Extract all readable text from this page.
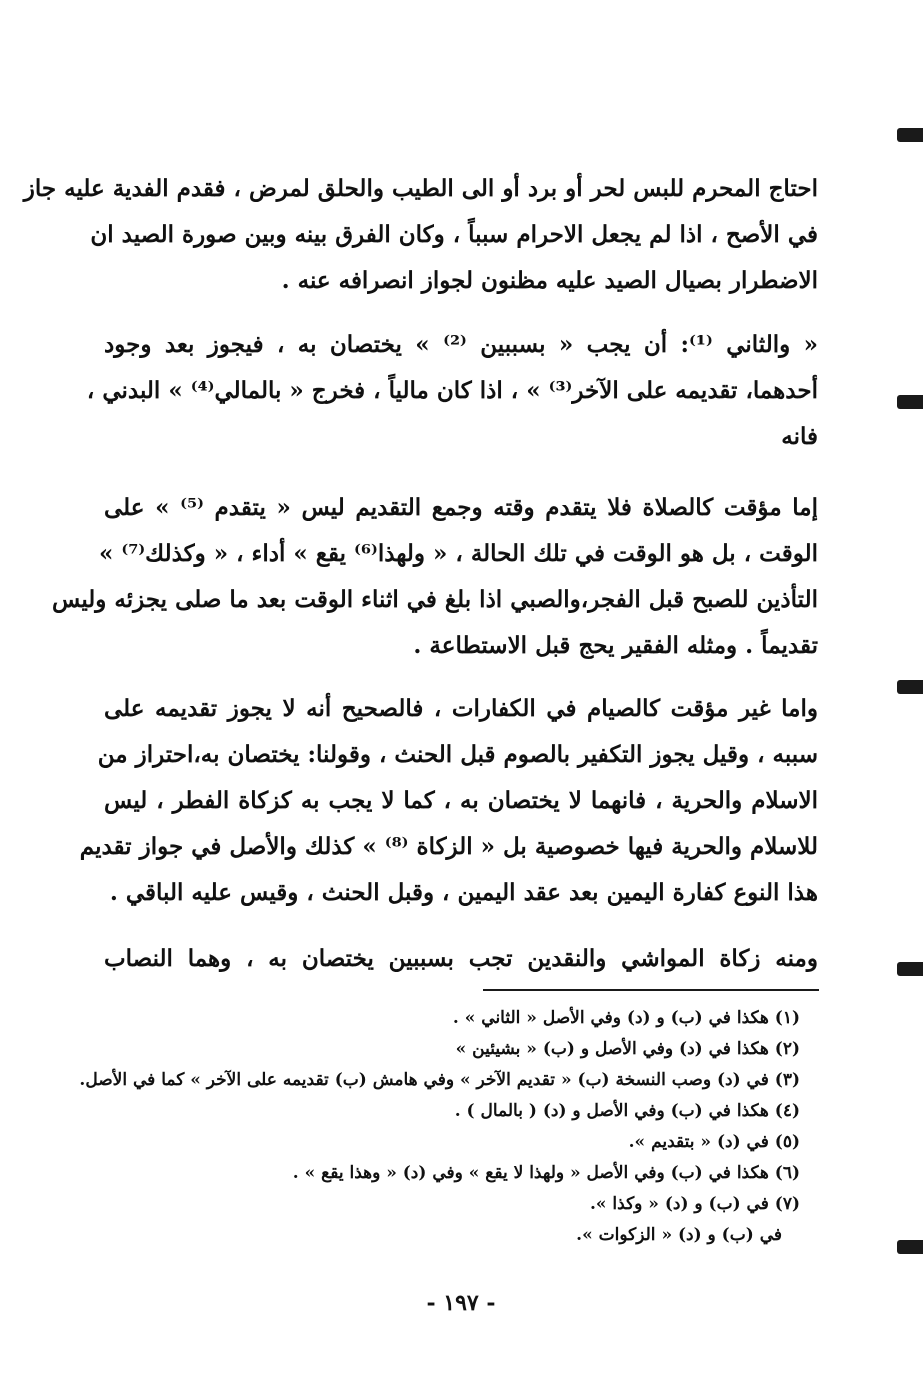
احتاج المحرم للبس لحر أو برد أو الى الطيب والحلق لمرض ، فقدم الفدية عليه جاز
في الأصح ، اذا لم يجعل الاحرام سبباً ، وكان الفرق بينه وبين صورة الصيد ان
الاضطرار بصيال الصيد عليه مظنون لجواز انصرافه عنه .
« والثاني ⁽¹⁾: أن يجب « بسببين ⁽²⁾ » يختصان به ، فيجوز بعد وجود
أحدهما، تقديمه على الآخر⁽³⁾ » ، اذا كان مالياً ، فخرج « بالمالي⁽⁴⁾ » البدني ،
فانه
إما مؤقت كالصلاة فلا يتقدم وقته وجمع التقديم ليس « يتقدم ⁽⁵⁾ » على
الوقت ، بل هو الوقت في تلك الحالة ، « ولهذا⁽⁶⁾ يقع » أداء ، « وكذلك⁽⁷⁾ »
التأذين للصبح قبل الفجر،والصبي اذا بلغ في اثناء الوقت بعد ما صلى يجزئه وليس
تقديماً . ومثله الفقير يحج قبل الاستطاعة .
واما غير مؤقت كالصيام في الكفارات ، فالصحيح أنه لا يجوز تقديمه على
سببه ، وقيل يجوز التكفير بالصوم قبل الحنث ، وقولنا: يختصان به،احتراز من
الاسلام والحرية ، فانهما لا يختصان به ، كما لا يجب به كزكاة الفطر ، ليس
للاسلام والحرية فيها خصوصية بل « الزكاة ⁽⁸⁾ » كذلك والأصل في جواز تقديم
هذا النوع كفارة اليمين بعد عقد اليمين ، وقبل الحنث ، وقيس عليه الباقي .
ومنه زكاة المواشي والنقدين تجب بسببين يختصان به ، وهما النصاب
(١) هكذا في (ب) و (د) وفي الأصل « الثاني » .
(٢) هكذا في (د) وفي الأصل و (ب) « بشيئين »
(٣) في (د) وصب النسخة (ب) « تقديم الآخر » وفي هامش (ب) تقديمه على الآخر » كما في الأصل.
(٤) هكذا في (ب) وفي الأصل و (د) ( بالمال ) .
(٥) في (د) « بتقديم ».
(٦) هكذا في (ب) وفي الأصل « ولهذا لا يقع » وفي (د) « وهذا يقع » .
(٧) في (ب) و (د) « وكذا ».
في (ب) و (د) « الزكوات ».
- ١٩٧ -
